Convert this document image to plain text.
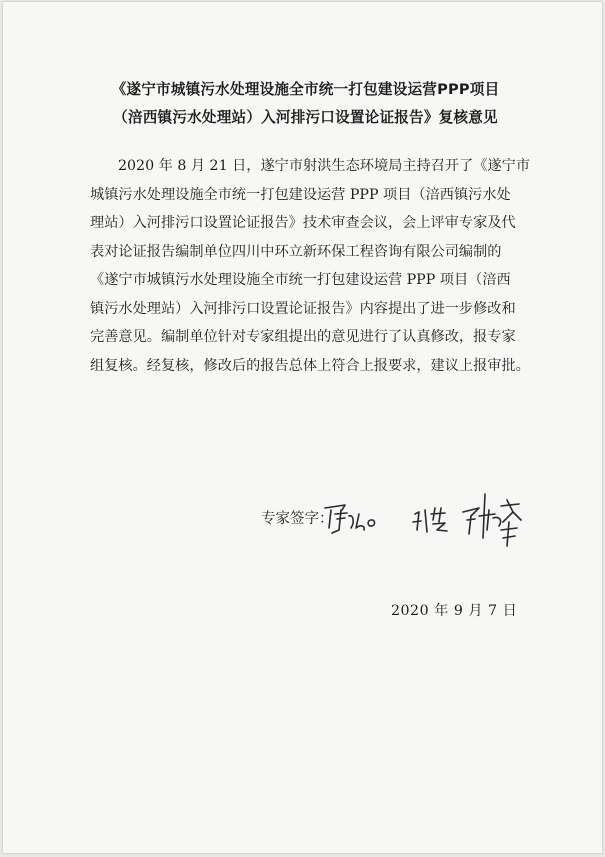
《遂宁市城镇污水处理设施全市统一打包建设运营PPP项目
（涪西镇污水处理站）入河排污口设置论证报告》复核意见
2020 年 8 月 21 日，遂宁市射洪生态环境局主持召开了《遂宁市
城镇污水处理设施全市统一打包建设运营 PPP 项目（涪西镇污水处
理站）入河排污口设置论证报告》技术审查会议，会上评审专家及代
表对论证报告编制单位四川中环立新环保工程咨询有限公司编制的
《遂宁市城镇污水处理设施全市统一打包建设运营 PPP 项目（涪西
镇污水处理站）入河排污口设置论证报告》内容提出了进一步修改和
完善意见。编制单位针对专家组提出的意见进行了认真修改，报专家
组复核。经复核，修改后的报告总体上符合上报要求，建议上报审批。
专家签字：
2020 年 9 月 7 日
